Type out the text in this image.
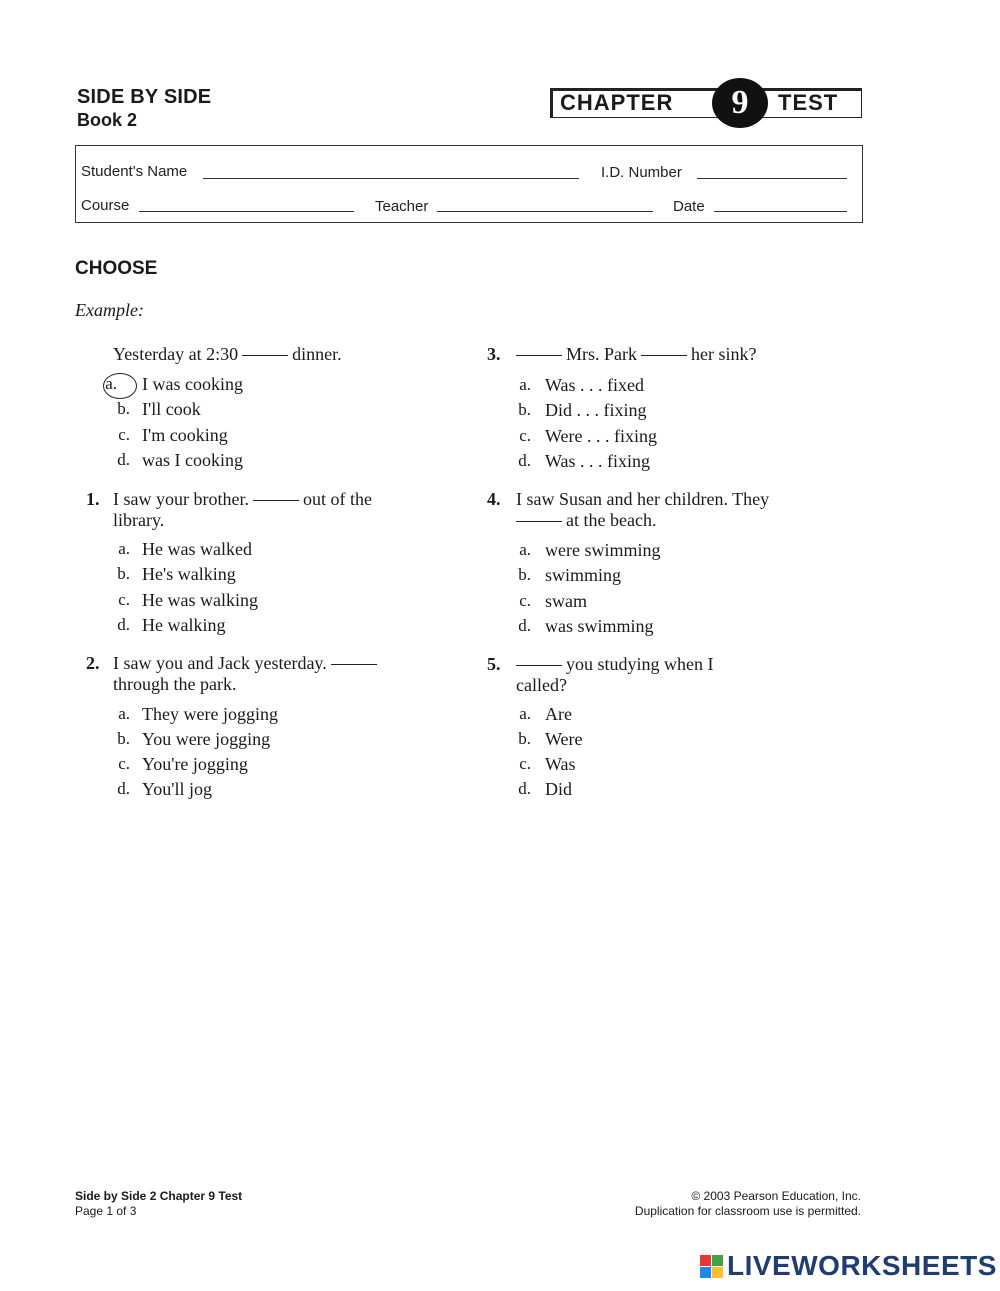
SIDE BY SIDE
Book 2
CHAPTER	9	TEST
Student's Name	I.D. Number
Course	Teacher	Date
CHOOSE
Example:
Yesterday at 2:30	dinner.
a. I was cooking
b. I'll cook
c. I'm cooking
d. was I cooking
1. I saw your brother.	out of the
library.
a. He was walked
b. He's walking
c. He was walking
d. He walking
2. I saw you and Jack yesterday.
through the park.
a. They were jogging
b. You were jogging
c. You're jogging
d. You'll jog
3.	Mrs. Park	her sink?
a. Was . . . fixed
b. Did . . . fixing
c. Were . . . fixing
d. Was . . . fixing
4. I saw Susan and her children. They
at the beach.
a. were swimming
b. swimming
c. swam
d. was swimming
5.	you studying when I
called?
a. Are
b. Were
c. Was
d. Did
Side by Side 2 Chapter 9 Test
Page 1 of 3
© 2003 Pearson Education, Inc.
Duplication for classroom use is permitted.
LIVEWORKSHEETS
